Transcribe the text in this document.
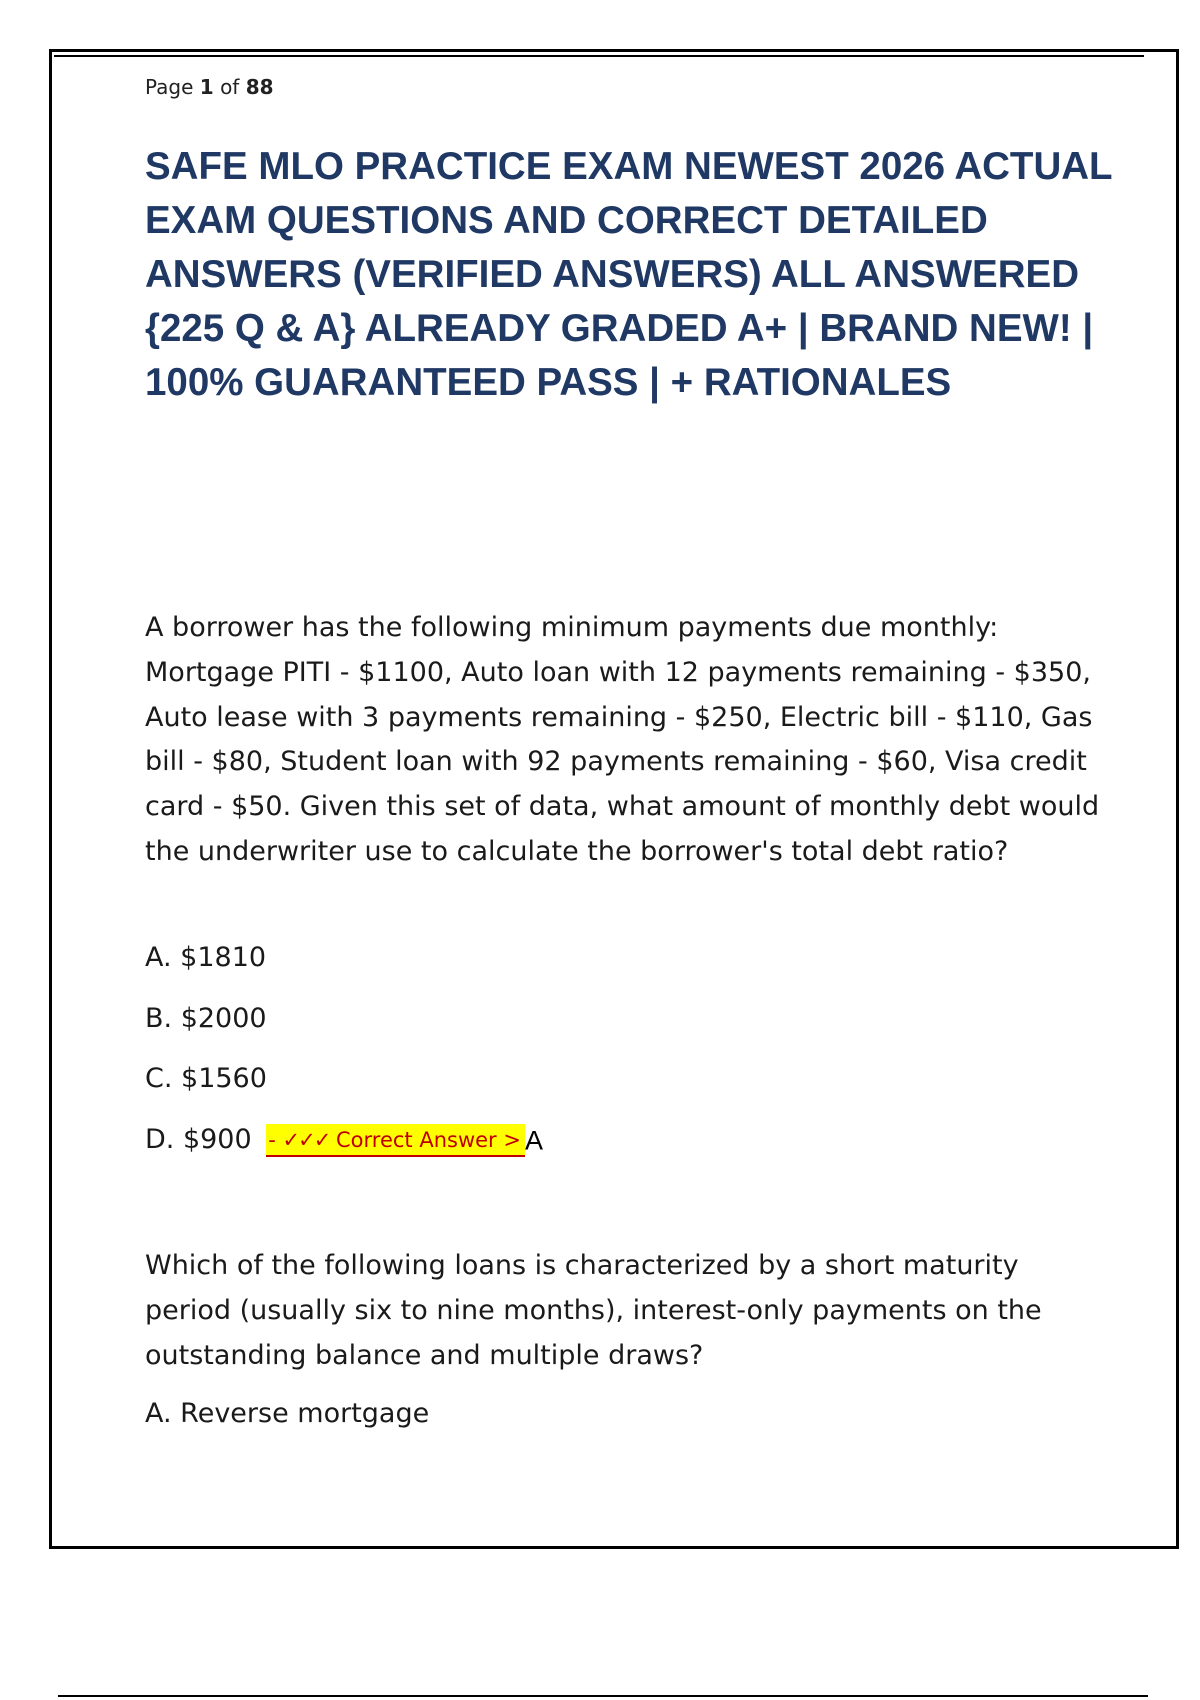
Page 1 of 88
SAFE MLO PRACTICE EXAM NEWEST 2026 ACTUAL EXAM QUESTIONS AND CORRECT DETAILED ANSWERS (VERIFIED ANSWERS) ALL ANSWERED {225 Q & A} ALREADY GRADED A+ | BRAND NEW! | 100% GUARANTEED PASS | + RATIONALES

A borrower has the following minimum payments due monthly: Mortgage PITI - $1100, Auto loan with 12 payments remaining - $350, Auto lease with 3 payments remaining - $250, Electric bill - $110, Gas bill - $80, Student loan with 92 payments remaining - $60, Visa credit card - $50. Given this set of data, what amount of monthly debt would the underwriter use to calculate the borrower's total debt ratio?

A. $1810

B. $2000

C. $1560

D. $900 - ✓✓✓ Correct Answer > A

Which of the following loans is characterized by a short maturity period (usually six to nine months), interest-only payments on the outstanding balance and multiple draws?

A. Reverse mortgage
